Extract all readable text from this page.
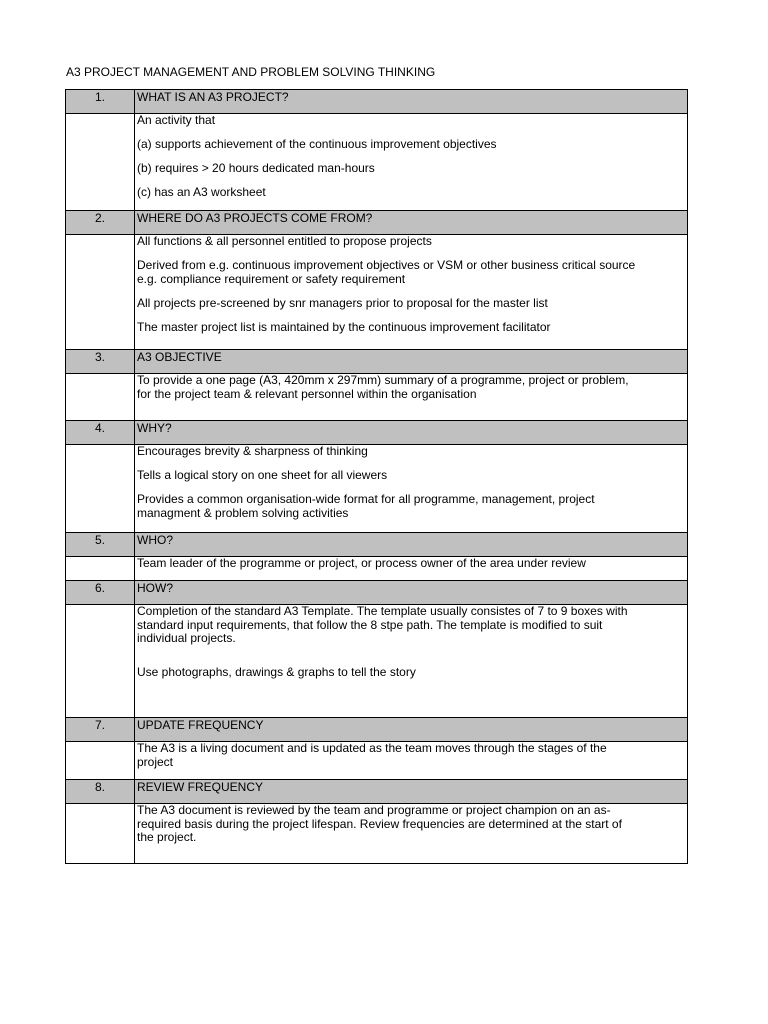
A3 PROJECT MANAGEMENT AND PROBLEM SOLVING THINKING
1.	WHAT IS AN A3 PROJECT?

	An activity that
(a) supports achievement of the continuous improvement objectives
(b) requires > 20 hours dedicated man-hours
(c) has an A3 worksheet

2.	WHERE DO A3 PROJECTS COME FROM?

	All functions & all personnel entitled to propose projects
Derived from e.g. continuous improvement objectives or VSM or other business critical source
e.g. compliance requirement or safety requirement
All projects pre-screened by snr managers prior to proposal for the master list
The master project list is maintained by the continuous improvement facilitator

3.	A3 OBJECTIVE

	To provide a one page (A3, 420mm x 297mm) summary of a programme, project or problem,
for the project team & relevant personnel within the organisation

4.	WHY?

	Encourages brevity & sharpness of thinking
Tells a logical story on one sheet for all viewers
Provides a common organisation-wide format for all programme, management, project
managment & problem solving activities

5.	WHO?

	Team leader of the programme or project, or process owner of the area under review

6.	HOW?

	Completion of the standard A3 Template. The template usually consistes of 7 to 9 boxes with
standard input requirements, that follow the 8 stpe path. The template is modified to suit
individual projects.
Use photographs, drawings & graphs to tell the story

7.	UPDATE FREQUENCY

	The A3 is a living document and is updated as the team moves through the stages of the
project

8.	REVIEW FREQUENCY

	The A3 document is reviewed by the team and programme or project champion on an as-
required basis during the project lifespan. Review frequencies are determined at the start of
the project.
